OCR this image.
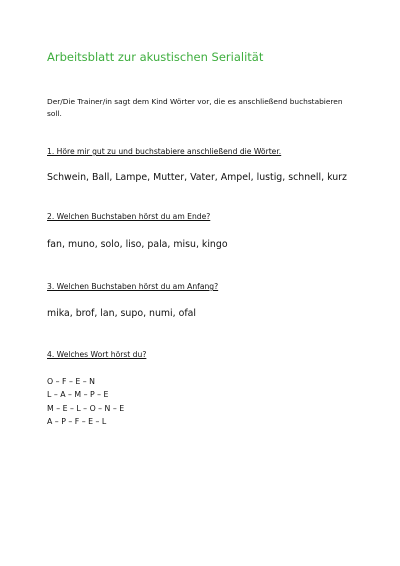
Arbeitsblatt zur akustischen Serialität
Der/Die Trainer/in sagt dem Kind Wörter vor, die es anschließend buchstabieren soll.
1. Höre mir gut zu und buchstabiere anschließend die Wörter.
Schwein, Ball, Lampe, Mutter, Vater, Ampel, lustig, schnell, kurz
2. Welchen Buchstaben hörst du am Ende?
fan, muno, solo, liso, pala, misu, kingo
3. Welchen Buchstaben hörst du am Anfang?
mika, brof, lan, supo, numi, ofal
4. Welches Wort hörst du?
O – F – E – N
L – A – M – P – E
M – E – L – O – N – E
A – P – F – E – L
